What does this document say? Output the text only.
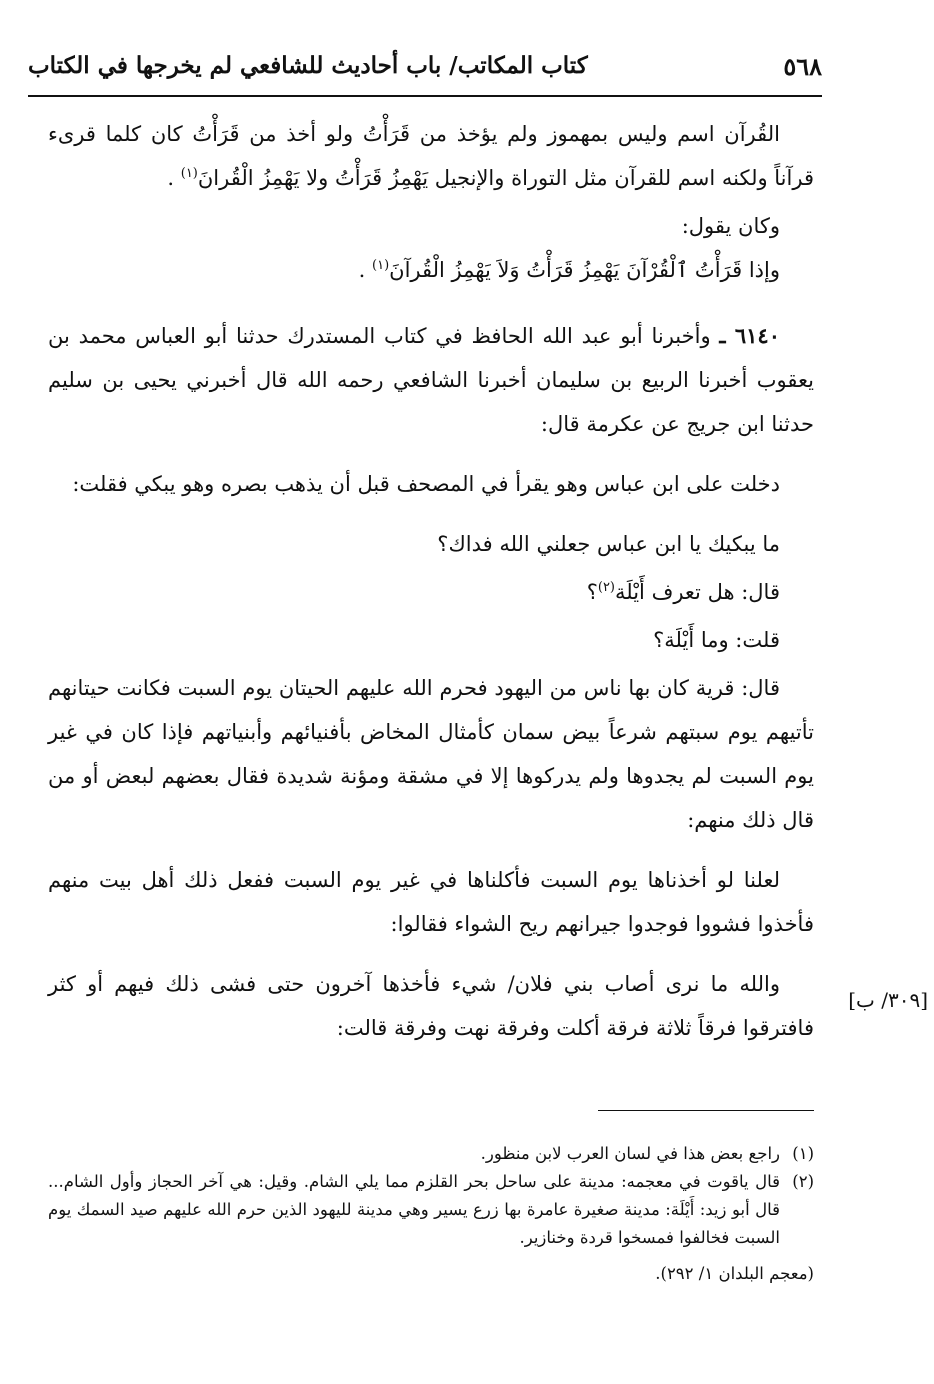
٥٦٨
كتاب المكاتب/ باب أحاديث للشافعي لم يخرجها في الكتاب

القُرآن اسم وليس بمهموز ولم يؤخذ من قَرَأْتُ ولو أخذ من قَرَأْتُ كان كلما قرىء قرآناً ولكنه اسم للقرآن مثل التوراة والإنجيل يَهْمِزُ قَرَأْتُ ولا يَهْمِزُ الْقُرانَ$^{(١)}$ .

وكان يقول:

وإذا قَرَأْتُ ٱلْقُرْآنَ يَهْمِزُ قَرَأْتُ وَلاَ يَهْمِزُ الْقُرآنَ$^{(١)}$ .

٦١٤٠ ـ وأخبرنا أبو عبد الله الحافظ في كتاب المستدرك حدثنا أبو العباس محمد بن يعقوب أخبرنا الربيع بن سليمان أخبرنا الشافعي رحمه الله قال أخبرني يحيى بن سليم حدثنا ابن جريج عن عكرمة قال:

دخلت على ابن عباس وهو يقرأ في المصحف قبل أن يذهب بصره وهو يبكي فقلت:

ما يبكيك يا ابن عباس جعلني الله فداك؟

قال: هل تعرف أَيْلَة$^{(٢)}$؟

قلت: وما أَيْلَة؟

قال: قرية كان بها ناس من اليهود فحرم الله عليهم الحيتان يوم السبت فكانت حيتانهم تأتيهم يوم سبتهم شرعاً بيض سمان كأمثال المخاض بأفنيائهم وأبنياتهم فإذا كان في غير يوم السبت لم يجدوها ولم يدركوها إلا في مشقة ومؤنة شديدة فقال بعضهم لبعض أو من قال ذلك منهم:

لعلنا لو أخذناها يوم السبت فأكلناها في غير يوم السبت ففعل ذلك أهل بيت منهم فأخذوا فشووا فوجدوا جيرانهم ريح الشواء فقالوا:

والله ما نرى أصاب بني فلان/ شيء فأخذها آخرون حتى فشى ذلك فيهم أو كثر فافترقوا فرقاً ثلاثة فرقة أكلت وفرقة نهت وفرقة قالت:

[٣٠٩/ ب]

(١)
راجع بعض هذا في لسان العرب لابن منظور.

(٢)
قال ياقوت في معجمه: مدينة على ساحل بحر القلزم مما يلي الشام. وقيل: هي آخر الحجاز وأول الشام... قال أبو زيد: أَيْلَة: مدينة صغيرة عامرة بها زرع يسير وهي مدينة لليهود الذين حرم الله عليهم صيد السمك يوم السبت فخالفوا فمسخوا قردة وخنازير.

(معجم البلدان ١/ ٢٩٢).
